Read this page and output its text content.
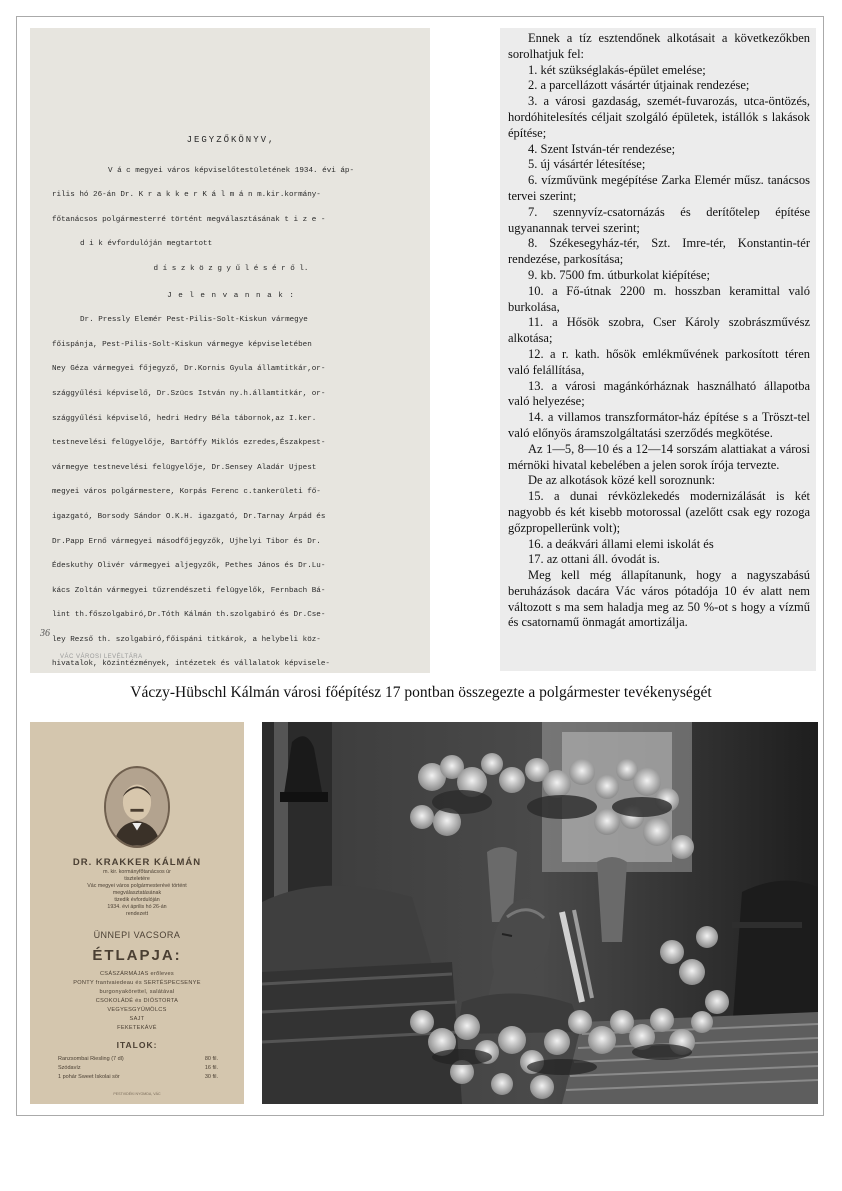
JEGYZŐKÖNYV,
V á c megyei város képviselőtestületének 1934. évi áp-
rilis hó 26-án Dr. K r a k k e r K á l m á n m.kir.kormány-
főtanácsos polgármesterré történt megválasztásának t i z e -
d i k évfordulóján megtartott
d í s z k ö z g y ű l é s é r ő l.
J e l e n v a n n a k :
Dr. Pressly Elemér Pest-Pilis-Solt-Kiskun vármegye
főispánja, Pest-Pilis-Solt-Kiskun vármegye képviseletében
Ney Géza vármegyei főjegyző, Dr.Kornis Gyula államtitkár,or-
szággyűlési képviselő, Dr.Szücs István ny.h.államtitkár, or-
szággyűlési képviselő, hedri Hedry Béla tábornok,az I.ker.
testnevelési felügyelője, Bartóffy Miklós ezredes,Északpest-
vármegye testnevelési felügyelője, Dr.Sensey Aladár Ujpest
megyei város polgármestere, Korpás Ferenc c.tankerületi fő-
igazgató, Borsody Sándor O.K.H. igazgató, Dr.Tarnay Árpád és
Dr.Papp Ernő vármegyei másodfőjegyzők, Ujhelyi Tibor és Dr.
Édeskuthy Olivér vármegyei aljegyzők, Pethes János és Dr.Lu-
kács Zoltán vármegyei tűzrendészeti felügyelők, Fernbach Bá-
lint th.főszolgabiró,Dr.Tóth Kálmán th.szolgabiró és Dr.Cse-
ley Rezső th. szolgabiró,főispáni titkárok, a helybeli köz-
hivatalok, közintézmények, intézetek és vállalatok képvisele-
36
VÁC VÁROSI LEVÉLTÁRA

Ennek a tíz esztendőnek alkotásait a következőkben sorolhatjuk fel:

1. két szükséglakás-épület emelése;

2. a parcellázott vásártér útjainak rendezése;

3. a városi gazdaság, szemét-fuvarozás, utca-öntözés, hordóhitelesítés céljait szolgáló épületek, istállók s lakások építése;

4. Szent István-tér rendezése;

5. új vásártér létesítése;

6. vízművünk megépítése Zarka Elemér műsz. tanácsos tervei szerint;

7. szennyvíz-csatornázás és derítőtelep építése ugyanannak tervei szerint;

8. Székesegyház-tér, Szt. Imre-tér, Konstantin-tér rendezése, parkosítása;

9. kb. 7500 fm. útburkolat kiépítése;

10. a Fő-útnak 2200 m. hosszban keramittal való burkolása,

11. a Hősök szobra, Cser Károly szobrászművész alkotása;

12. a r. kath. hősök emlékművének parkosított téren való felállítása,

13. a városi magánkórháznak használható állapotba való helyezése;

14. a villamos transzformátor-ház építése s a Tröszt-tel való előnyös áramszolgáltatási szerződés megkötése.

Az 1—5, 8—10 és a 12—14 sorszám alattiakat a városi mérnöki hivatal kebelében a jelen sorok írója tervezte.

De az alkotások közé kell soroznunk:

15. a dunai révközlekedés modernizálását is két nagyobb és két kisebb motorossal (azelőtt csak egy rozoga gőzpropellerünk volt);

16. a deákvári állami elemi iskolát és

17. az ottani áll. óvodát is.

Meg kell még állapítanunk, hogy a nagyszabású beruházások dacára Vác város pótadója 10 év alatt nem változott s ma sem haladja meg az 50 %-ot s hogy a vízmű és csatornamű önmagát amortizálja.

Váczy-Hübschl Kálmán városi főépítész 17 pontban összegezte a polgármester tevékenységét
DR. KRAKKER KÁLMÁN
m. kir. kormányfőtanácsos úr
tiszteletére
Vác megyei város polgármesterévé történt
megválasztatásának
tizedik évfordulóján
1934. évi április hó 26-án
rendezett
ÜNNEPI VACSORA
ÉTLAPJA:
CSÁSZÁRMÁJAS erőleves
PONTY frantvaiedeau és SERTÉSPECSENYE
burgonyakörettel, salátával
CSOKOLÁDÉ és DIÓSTORTA
VEGYESGYÜMÖLCS
SAJT
FEKETEKÁVÉ
ITALOK:
80 fil.
Ranzsombai Riesling (7 dl)
16 fil.
Szódavíz
30 fil.
1 pohár Sweet Iskolai sör
PESTVIDÉKI NYOMDA, VÁC
